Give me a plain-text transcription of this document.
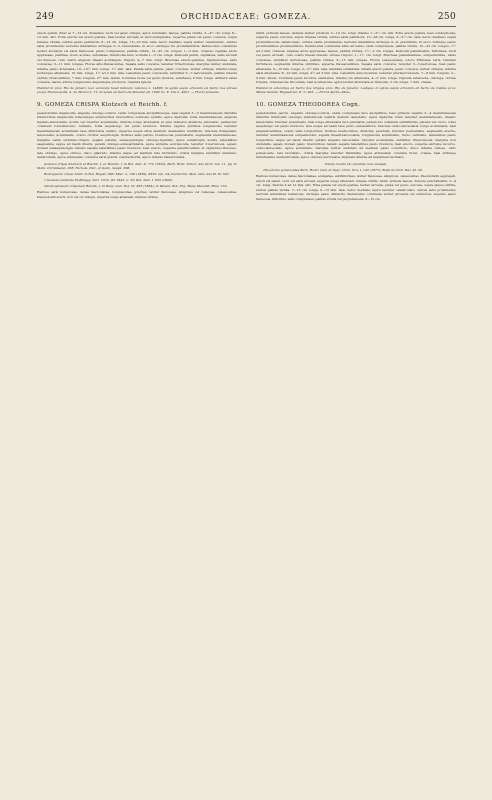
249	ORCHIDACEAE: GOMEZA.	250

erecto-patuli, inter se 7—12 cm. distantes, recti vel paulo obliqui, apice rotundati, laeves, pallide viridis, 3—4½ cm. longi, 8—12 mm. lati. Folia erecta vel erecto-patula, basi leviter arcuata et subconduplicata, superne plana vel paulo convexa, supra intense viridia, subtus paulo pallidiora, 8—13 cm. longa, 15—23 mm. lata; nervo mediano supra leviter canaliculato, subtus satis prominente; nervulis lateralibus utrinque 3—5, tenuissimis, in sicco utrinque vix prominentibus. Pedunculus communis leviter arcuatus vel satis flexuosus, paulo compressus, pallide viridis, 15—25 cm. longus, 1—2 mm. crassus; vaginae arcte appressae, pallidae, dorso acutae, subulatae; internodia fere; scutella 1—3 cm. longa. Pedicelli patuli, capillares, satis arcuati vel flexuosi, cum ovario angusto lineari acutangulo trigono 4—7 mm. longi. Bracteae erecto-patulae, rigidiusculae, satis concavae, 3—11 mm. longae. Flores albo-flavescentes. Sepala satis concava, tenuiter trinervulosa, margine leviter undulata, inferne paulo attenuata, 10—10½ mm. longa, 1½ mm. lata. Petala satis patula, paulo concava, leviter obliqua, inferne longe leviterque attenuata, 10 mm. longa, 1¾ ad 2 mm. lata. Labellum paulo concavum, subtiliter 5—7-nervulosum, pallide luteum carinis virescentibus, 7 mm. longum, 2½ mm. latum. Columna recta vel paulo incurva, semiteres, 6 mm. longa. Anthera valde convexa, laevis, antice longiuscule angustaque producta. Capsula ignota.

Habitat in prov. Rio de Janeiro loco accurate haud indicato: Glaziou n. 14805; in sylvis supra arborem ad Serra dos Arraes prope Theresopolis: A. de Moura n. 71; in sylvis ad Serra da Macahé alt. 1000 m.: E. Ule n. 4951. — Floret Januario.

9. GOMEZA CRISPA Klotzsch et Reichb. f.

pseudobulbis majusculis, anguste oblongo-conicis, valde compressis ancipitibusque, basi vaginis 3—5 membranaceis distichis interioribus majusculis foliaceisque exterioribus brevioribus scariosis vestitis, apice diphyllis; foliis membranaceis, anguste ligulato-lanceolatis, acutis vel breviter acuminatis, inferne longe attenuatis et plus minusve distincte petiolatis; pedunculo communi robustiusculo, nutante, foliis aequilongo vel paulo breviore, inferne vaginis pluribus longiusculis tenuiter membranaceis acuminatis laxe imbricatis vestito, superne usque ultra medium densissime multiflore; bracteis triangulari-lanceolatis, acuminatis, ovario circiter aequilongis; floribus satis parvis, breviuscule pedicellatis, segmentis membranaceis, margine valde undulato-crispis; sepalis patulis, subaequilongis, oblongo-ligulatis, apice subabrupte acutis, lateralibus saepissime usque ad basin liberis; petalis oblongo-subspathulatis, apice abrupte acutiusculis, tenuiter 3-nervulosis, sepalo dorsali subaequilongis; labello sepalis lateralibus paulo breviore, basi erecto, superne patenti-reflexo et sigmoideo-flexuoso, late oblongo, apice obtuso, disco glabrato, inferne usque ad medium late bicristato, cristis margine subtiliter undulato-denticulatis, apice attenuatis; columna satis gracili, subclaviformi, apice minute bisauriculata.

Gomeza crispa Klotzsch et Reichb. f. ex Reichb. f. in Bot. Zeit. X. 772 (1852); Barb. Rodr. Struct. des Orch. tab. 11. fig. 6; Stein, Orchideenb. 258; Nichols. Dict. of Gard., Suppl. 398.

Rodriguezia crispa Lindl. in Bot. Regist. XXV. Misc. n. 139 (1839), XXVI. tab. 54; Duchartre, Man. Gén. des Pl. IV. 522.

? Gomeza undulata Hoffmsgg. Verz. Orch. für 1843. p. 53; Bot. Zeit. I. 833 (1843).

Odontoglossum crispulum Reichb. f. in Walp. Ann. Bot. VI. 853 (1864), in Wawra, Bot. Erg. Reise Maximil. Bras. 155.

Radices satis numerosae, dense fasciculatae, longiusculae, graciles, leviter flexuosae, simplices vel ramosae, canescentes. Pseudobulbi erecti, non vel vix obliqui, superne longe attenuati, intense virides,

nitidi, primum laeves, demum leviter plicatuli, 5—10 cm. longi, inferne 1—2½ cm. lati. Folia erecto-patula, basi conduplicata, superne paulo concava, supra intense viridia, subtus satis pallidiora, 15—28 cm. longa, 3—3½ cm. lata; nervo mediano supra profundiuscule canaliculato, subtus valde prominente; nervulis lateralibus utrinque 4—6, gracillimis, in sicco utrinque paulo prominentibus prominentibus. Pedunculus communis satis arcuatus, satis compressus, pallide viridis, 15—22 cm. longus, 1½ ad 3 mm. crassus; vaginae arcte appressae, laeves, pallide virides, 1½—2 cm. longae. Pedicelli patentissimi, filiformes, recti vel paulo arcuati, cum ovario lineari-clavato obtuse trigono 1—1½ cm. longi. Bracteae patentissimae, subpellucidae, valde concavae, subtiliter nervulosae, pallide virides, 8—15 mm. longae. Flores suaveolentes, odore Primulae veris, tenuiter furfuracei, segmentis inferne viridibus, superne flavescentibus. Sepala satis concava, tenuiter 3—5-nervulosa, basi paulo attenuata, 9—10 mm. longa, 2—2½ mm. lata, lateralia subfalcata. Petala erecto-patula, paulo concava, leviter obliqua, inferne satis attenuata, 8—10 mm. longa, 2½ ad 3 mm. lata. Labellum subconcavum, tenuiter plurinervulosum, 7—8 mm. longum, 3—4 mm. latum. Columna paulo incurva, semiteres, inferne vix attenuata, 4—5 mm. longa. Capsula suberecta, oblonga, obtuse trigona, crassiuscule tricostata, basi acutiuscula, apice leviter attenuata et truncata, 3 cm. longa, 7 mm. crassa.

Habitat in arboribus ad Serra dos Orgãos prov. Rio de Janeiro: Lodiges; in sylvis supra arborem ad Serra de Caldas prov. Minas Geraës: Regnell ser. II. n. 263. — Floret Aprili—Maio.

10. GOMEZA THEODOREA Cogn.

pseudobulbis parvis, anguste oblongo-conicis, valde compressis fere ancipitibus, basi primum vaginis 3—4 membranaceis distichis imbricatis oblongis subfoliaceis vestitis demum denudatis, apice diphyllis; foliis tenuiter membranaceis, lineari-lanceolatis, breviter acuminatis, basi longe attenuatis fere petiolatis; pedunculo communi subfiliformi, patenti vel curvo, foliis aequilongo vel paulo breviore, fere usque ad basin laxe pluri—subsexiflore; bracteis ovato-lanceolatis, longe acuminatis, basi amplexicaulibus, ovario satis longioribus; floribus mediocribus, distichis, pendulis, breviter pedicellatis, segmentis erectis, tenuiter membranaceis subpellucidis; sepalis lineari-lanceolatis, longiuscule acuminatis, dorso carinatis, lateralibus paulo longioribus usque ad basin liberis; petalis anguste lanceolatis, breviter acuminatis, subtiliter trinervulosis, margine non undulatis, sepalo dorsali paulo brevioribus; labello sepalis lateralibus paulo breviore, basi erecto, superne abrupte recurvo, ovato-lanceolato, apice acuminato, margine leviter undulato ad medium paulo constricto, disco inferne calloso, callo pubescente, late bicristato, cristis margine breviter fimbriatis, apice attenuatis; columna brevi, crassa, basi utrinque minutissime unidenticulata, apice obscure auriculata; stigmate inferne ad marginem laciniato.

Tabula nostra LV. (habitus cum analysi).

Theodorea gomezoides Barb. Rodr.! Gen. et Spec. Orch. Nov. I. 145 (1877); Rolfe in Orch. Rev. XI. 20.

Radices numerosae, dense fasciculatae, elongatae, subfiliformes, leviter flexuosae, simplices, canescentes. Pseudobulbi aggregati, erecti vel patuli, recti vel satis arcuati, superne longe attenuati, intense viridis, nitidi, primum laeves, demum punctatissimi, 2—4 cm. longi, inferne 6 ad 12 mm. lati. Folia patula vel erecto-patula, leviter arcuata, plana vel paulo concava, supra glauco-viridia, subtus pallide viridia, 7—15 cm. longa, 6—13 mm. lata; nervo mediano supra tenuiter canaliculato, subtus satis prominente; nervulis lateralibus numerosis, utrinque paulo distinctis. Pedunculus communis leviter arcuatus vel subrectus, superne paulo flexuosus, filiformis, satis compressus, pallide viridis vel purpurascens, 8—15 cm.
